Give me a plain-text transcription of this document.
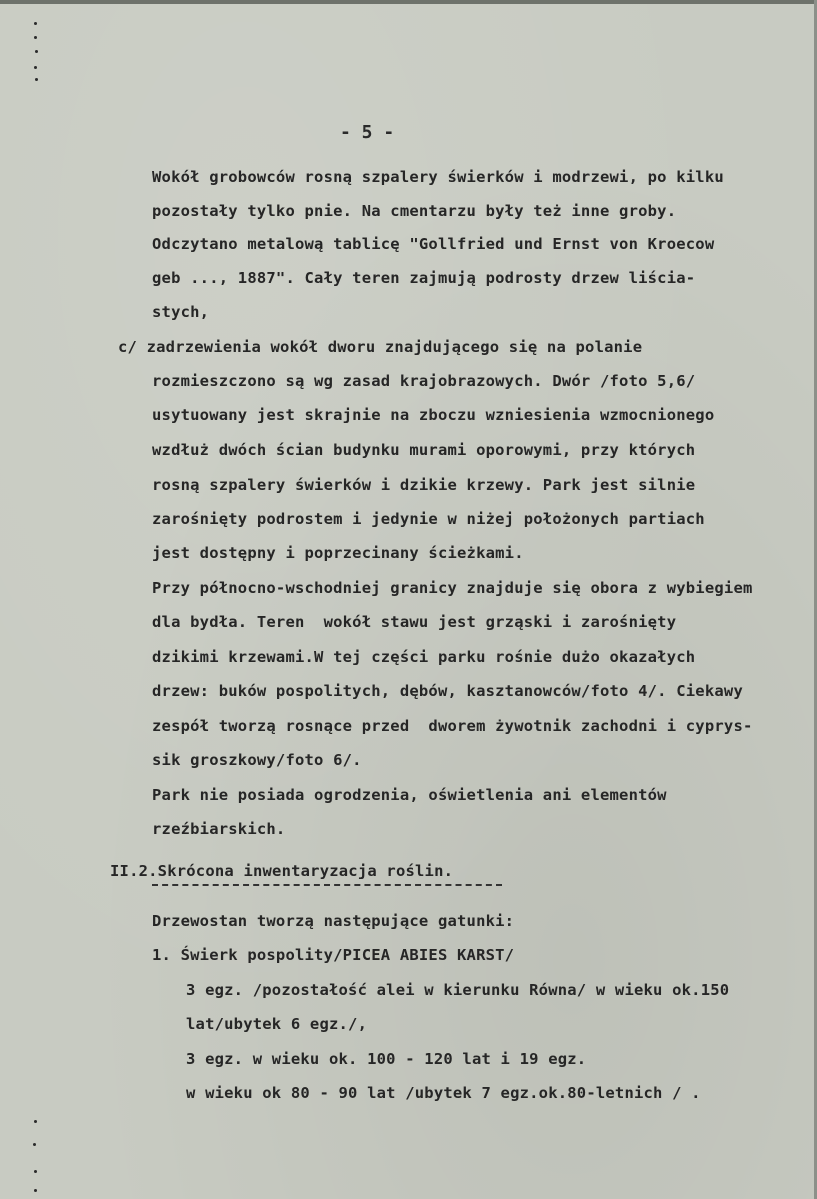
- 5 -
Wokół grobowców rosną szpalery świerków i modrzewi, po kilku
pozostały tylko pnie. Na cmentarzu były też inne groby.
Odczytano metalową tablicę "Gollfried und Ernst von Kroecow
geb ..., 1887". Cały teren zajmują podrosty drzew liścia-
stych,
c/ zadrzewienia wokół dworu znajdującego się na polanie
rozmieszczono są wg zasad krajobrazowych. Dwór /foto 5,6/
usytuowany jest skrajnie na zboczu wzniesienia wzmocnionego
wzdłuż dwóch ścian budynku murami oporowymi, przy których
rosną szpalery świerków i dzikie krzewy. Park jest silnie
zarośnięty podrostem i jedynie w niżej położonych partiach
jest dostępny i poprzecinany ścieżkami.
Przy północno-wschodniej granicy znajduje się obora z wybiegiem
dla bydła. Teren  wokół stawu jest grząski i zarośnięty
dzikimi krzewami.W tej części parku rośnie dużo okazałych
drzew: buków pospolitych, dębów, kasztanowców/foto 4/. Ciekawy
zespół tworzą rosnące przed  dworem żywotnik zachodni i cyprys-
sik groszkowy/foto 6/.
Park nie posiada ogrodzenia, oświetlenia ani elementów
rzeźbiarskich.
II.2.Skrócona inwentaryzacja roślin.
Drzewostan tworzą następujące gatunki:
1. Świerk pospolity/PICEA ABIES KARST/
3 egz. /pozostałość alei w kierunku Równa/ w wieku ok.150
lat/ubytek 6 egz./,
3 egz. w wieku ok. 100 - 120 lat i 19 egz.
w wieku ok 80 - 90 lat /ubytek 7 egz.ok.80-letnich / .
